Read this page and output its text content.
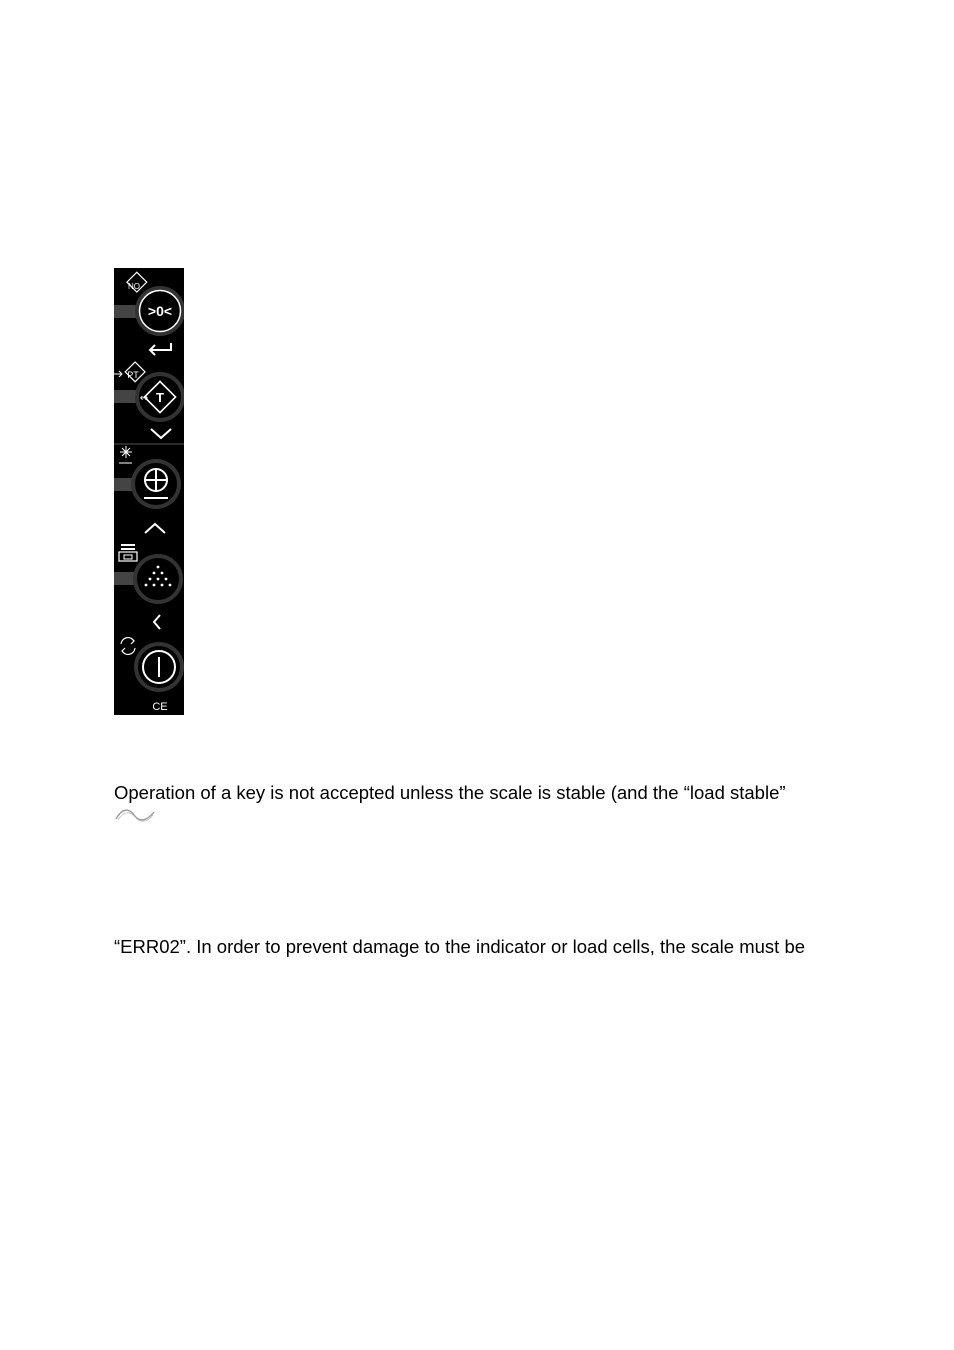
NO
>0<
PT
T
↔
CE
Operation of a key is not accepted unless the scale is stable (and the “load stable”
“ERR02”. In order to prevent damage to the indicator or load cells, the scale must be
